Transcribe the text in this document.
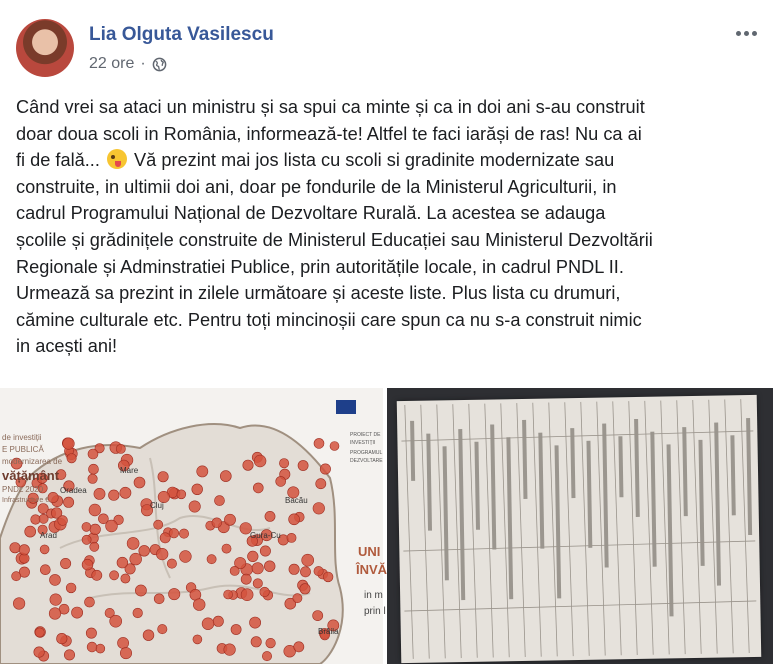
Lia Olguta Vasilescu
22 ore ·
Când vrei sa ataci un ministru și sa spui ca minte și ca in doi ani s-au construit
doar doua scoli in România, informează-te! Altfel te faci iarăși de ras! Nu ca ai
fi de falǎ... Vă prezint mai jos lista cu scoli si gradinite modernizate sau
construite, in ultimii doi ani, doar pe fondurile de la Ministerul Agriculturii, in
cadrul Programului Național de Dezvoltare Rurală. La acestea se adauga
școlile și grădinițele construite de Ministerul Educației sau Ministerul Dezvoltării
Regionale și Adminstratiei Publice, prin autoritățile locale, in cadrul PNDL II.
Urmează sa prezint in zilele următoare și aceste liste. Plus lista cu drumuri,
cămine culturale etc. Pentru toți mincinoșii care spun ca nu s-a construit nimic
in acești ani!
de investiții
E PUBLICĂ
modernizarea de
vățământ
PNDL 2020
Infrastructure €.
PROIECT DE
INVESTIȚII
PROGRAMUL
DEZVOLTARE
UNI
ÎNVĂ
in m
prin l
Arad
Mare
Bacău
Cluj
Gura-Cu
Oradea
Brăila
